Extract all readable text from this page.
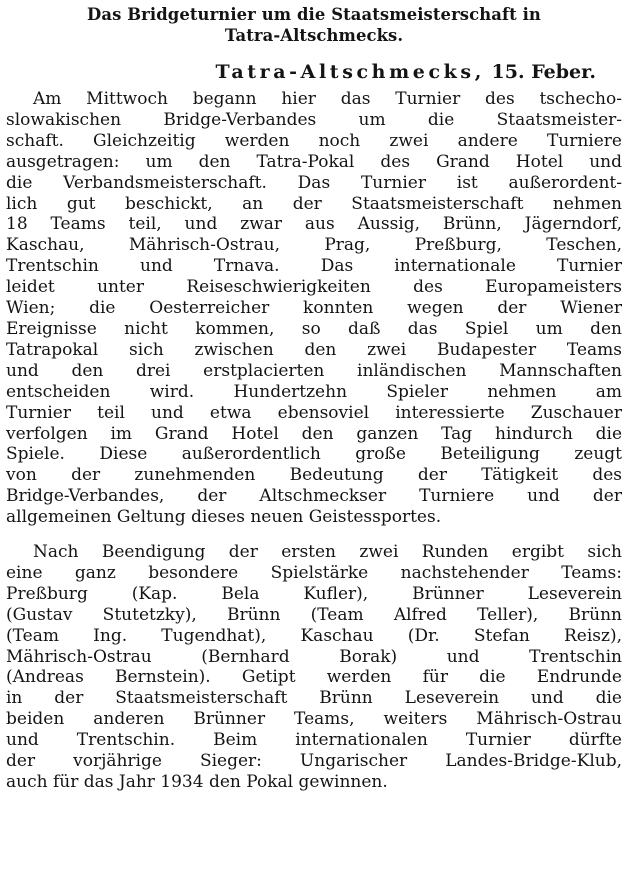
Das Bridgeturnier um die Staatsmeisterschaft in
Tatra-Altschmecks.
Tatra-Altschmecks, 15. Feber.
Am Mittwoch begann hier das Turnier des tschecho-
slowakischen Bridge-Verbandes um die Staatsmeister-
schaft. Gleichzeitig werden noch zwei andere Turniere
ausgetragen: um den Tatra-Pokal des Grand Hotel und
die Verbandsmeisterschaft. Das Turnier ist außerordent-
lich gut beschickt, an der Staatsmeisterschaft nehmen
18 Teams teil, und zwar aus Aussig, Brünn, Jägerndorf,
Kaschau, Mährisch-Ostrau, Prag, Preßburg, Teschen,
Trentschin und Trnava. Das internationale Turnier
leidet unter Reiseschwierigkeiten des Europameisters
Wien; die Oesterreicher konnten wegen der Wiener
Ereignisse nicht kommen, so daß das Spiel um den
Tatrapokal sich zwischen den zwei Budapester Teams
und den drei erstplacierten inländischen Mannschaften
entscheiden wird. Hundertzehn Spieler nehmen am
Turnier teil und etwa ebensoviel interessierte Zuschauer
verfolgen im Grand Hotel den ganzen Tag hindurch die
Spiele. Diese außerordentlich große Beteiligung zeugt
von der zunehmenden Bedeutung der Tätigkeit des
Bridge-Verbandes, der Altschmeckser Turniere und der
allgemeinen Geltung dieses neuen Geistessportes.
Nach Beendigung der ersten zwei Runden ergibt sich
eine ganz besondere Spielstärke nachstehender Teams:
Preßburg (Kap. Bela Kufler), Brünner Leseverein
(Gustav Stutetzky), Brünn (Team Alfred Teller), Brünn
(Team Ing. Tugendhat), Kaschau (Dr. Stefan Reisz),
Mährisch-Ostrau (Bernhard Borak) und Trentschin
(Andreas Bernstein). Getipt werden für die Endrunde
in der Staatsmeisterschaft Brünn Leseverein und die
beiden anderen Brünner Teams, weiters Mährisch-Ostrau
und Trentschin. Beim internationalen Turnier dürfte
der vorjährige Sieger: Ungarischer Landes-Bridge-Klub,
auch für das Jahr 1934 den Pokal gewinnen.
